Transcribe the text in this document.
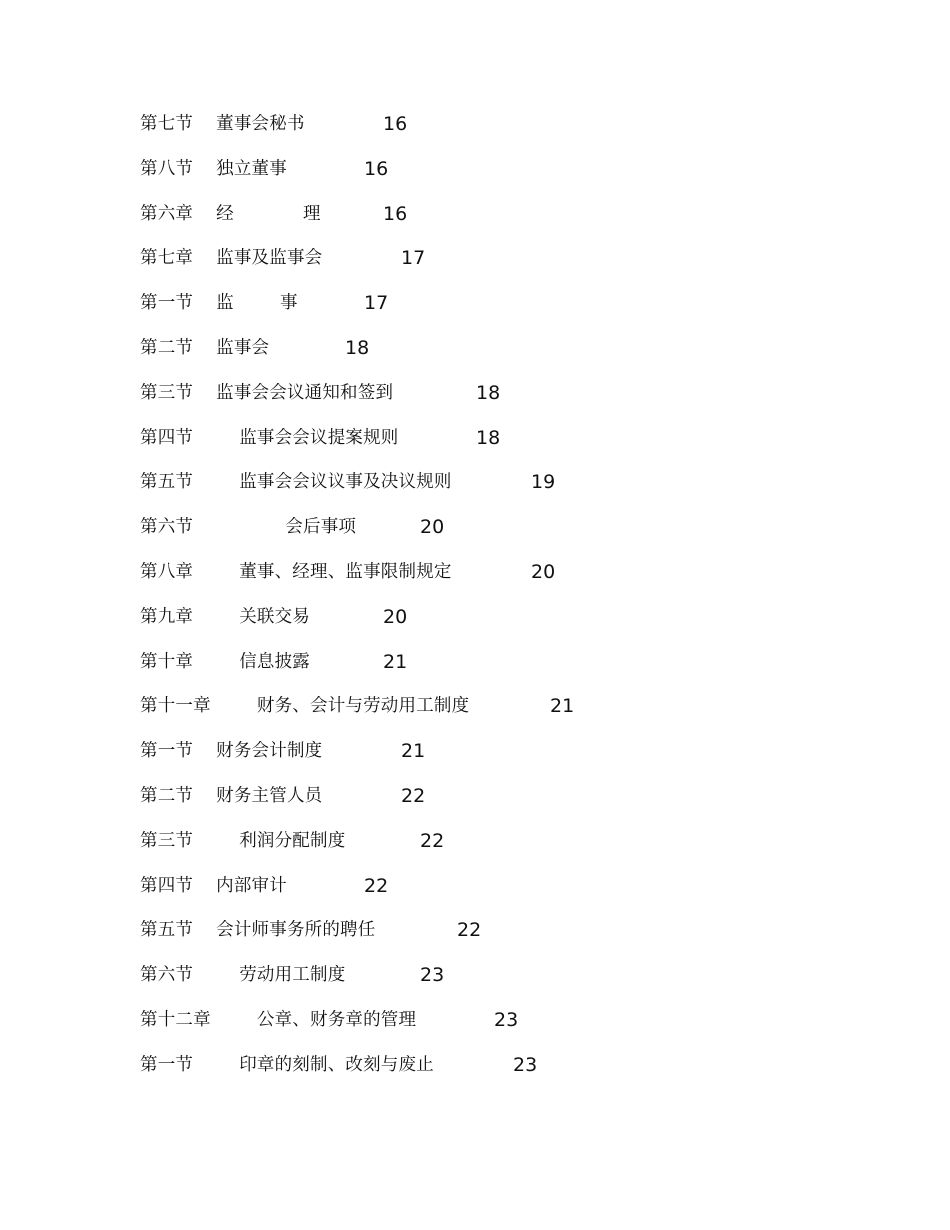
第七节    董事会秘书	16
第八节    独立董事	16
第六章    经            理	16
第七章    监事及监事会	17
第一节    监        事	17
第二节    监事会	18
第三节    监事会会议通知和签到	18
第四节        监事会会议提案规则	18
第五节        监事会会议议事及决议规则	19
第六节                会后事项	20
第八章        董事、经理、监事限制规定	20
第九章        关联交易	20
第十章        信息披露	21
第十一章        财务、会计与劳动用工制度	21
第一节    财务会计制度	21
第二节    财务主管人员	22
第三节        利润分配制度	22
第四节    内部审计	22
第五节    会计师事务所的聘任	22
第六节        劳动用工制度	23
第十二章        公章、财务章的管理	23
第一节        印章的刻制、改刻与废止	23
